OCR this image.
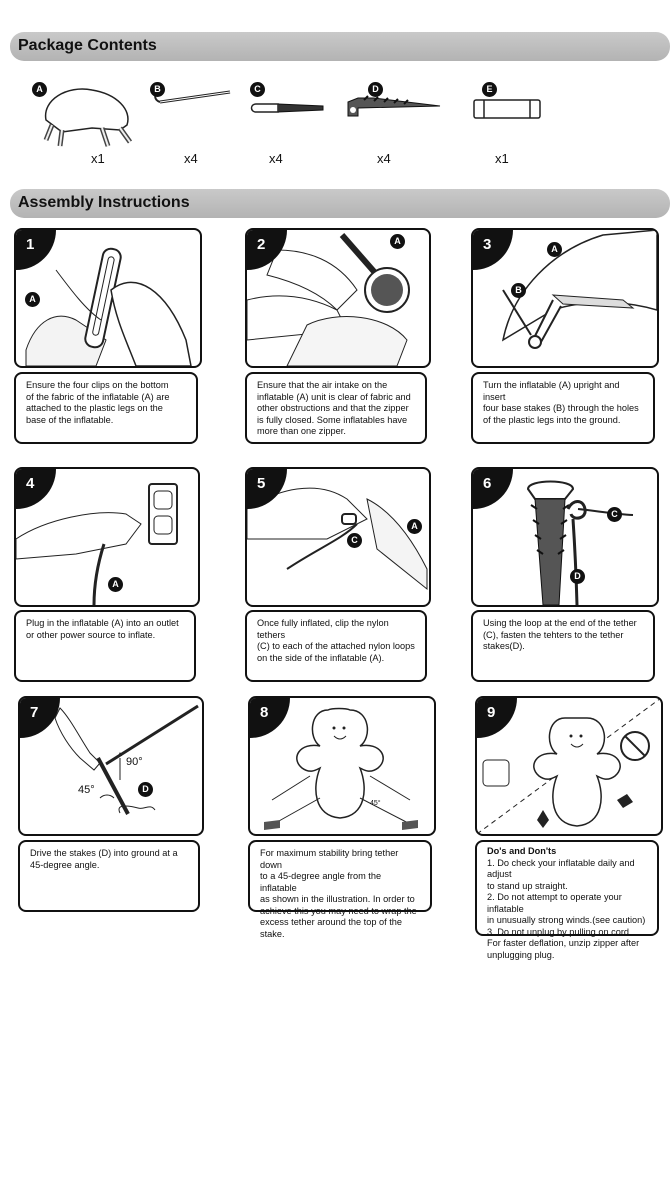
Package Contents
A
x1
B
x4
C
x4
D
x4
E
x1
Assembly Instructions
1
A
Ensure the four clips on the bottom
of the fabric of the inflatable (A) are
attached to the plastic legs on the
base of the inflatable.
2	A
Ensure that the air intake on the
inflatable (A) unit is clear of fabric and
other obstructions and that the zipper
is fully closed. Some inflatables have
more than one zipper.
3	A
B
Turn the inflatable (A) upright and insert
four base stakes (B) through the holes
of the plastic legs into the ground.
4
A
Plug in the inflatable (A) into an outlet
or other power source to inflate.
5
A
C
Once fully inflated, clip the nylon tethers
(C) to each of the attached nylon loops
on the side of the inflatable (A).
6
C
D
Using the loop at the end of the tether
(C), fasten the tehters to the tether
stakes(D).
7
90°
45°	D
Drive the stakes (D) into ground at a
45-degree angle.
8
45°
For maximum stability bring tether down
to a 45-degree angle from the inflatable
as shown in the illustration. In order to
achieve this you may need to wrap the
excess tether around the top of the stake.
9
Do's and Don'ts
1. Do check your inflatable daily and adjust
to stand up straight.
2. Do not attempt to operate your inflatable
in unusually strong winds.(see caution)
3. Do not unplug by pulling on cord.
For faster deflation, unzip zipper after
unplugging plug.
